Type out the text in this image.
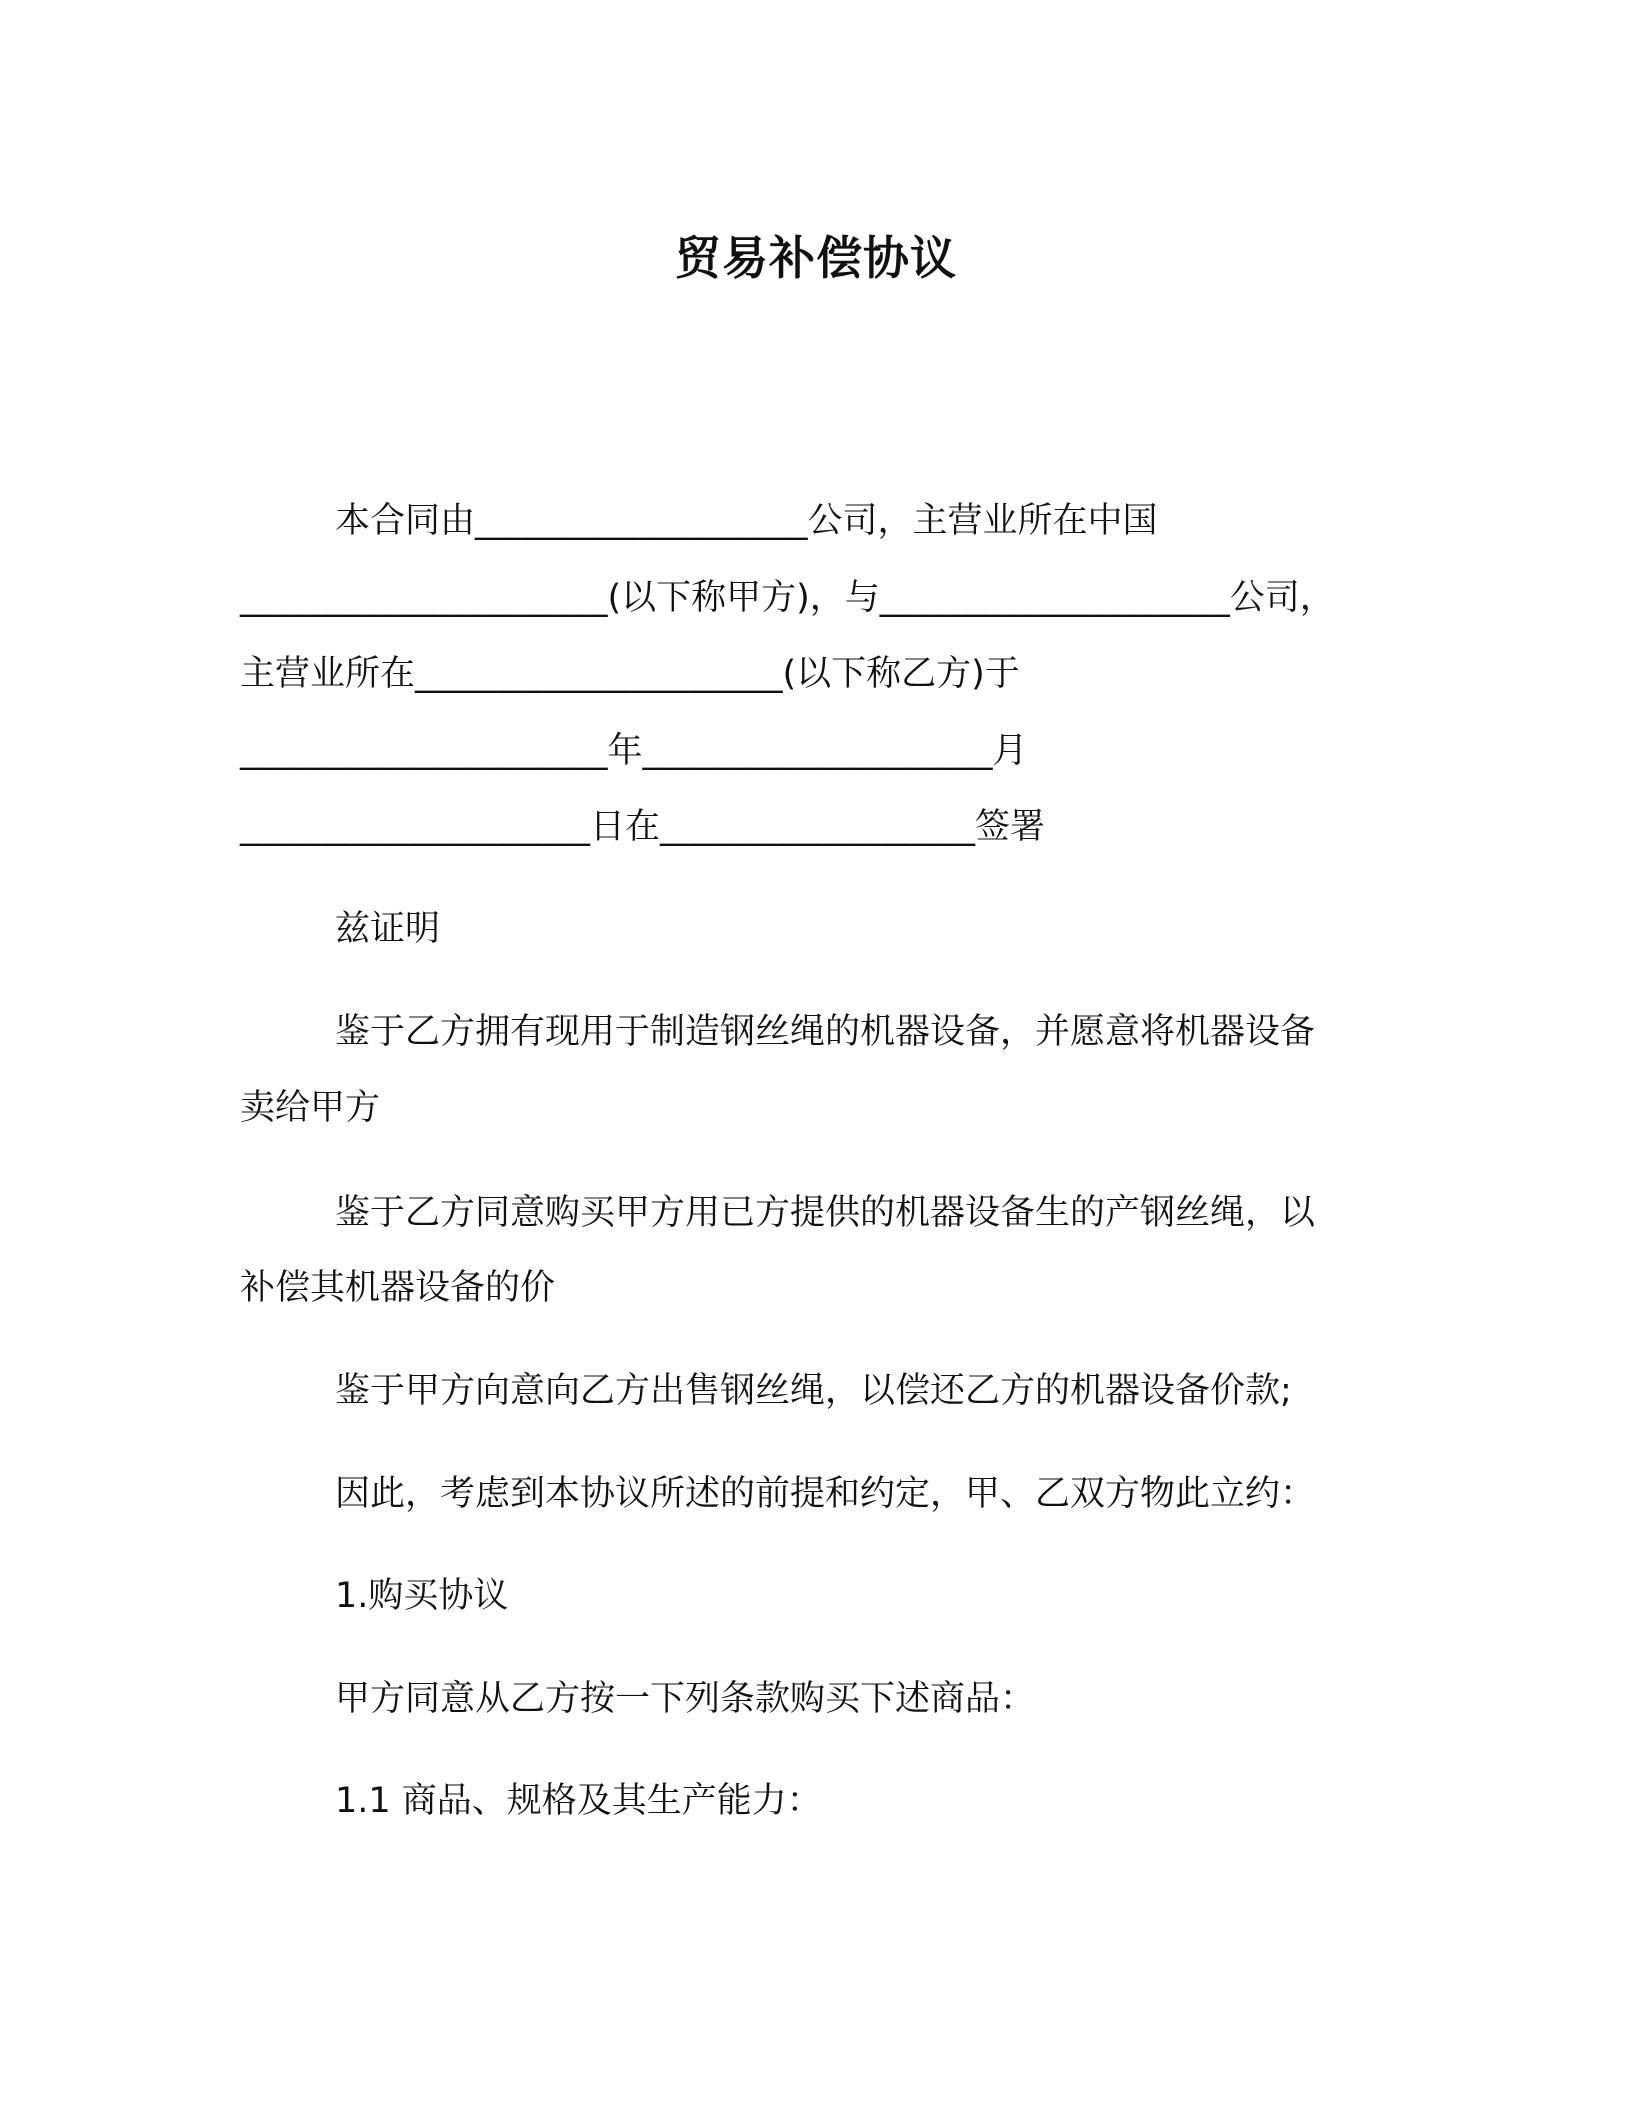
贸易补偿协议
本合同由___________________公司，主营业所在中国
_____________________(以下称甲方)，与____________________公司，
主营业所在_____________________(以下称乙方)于
_____________________年____________________月
____________________日在__________________签署
兹证明
鉴于乙方拥有现用于制造钢丝绳的机器设备，并愿意将机器设备
卖给甲方
鉴于乙方同意购买甲方用已方提供的机器设备生的产钢丝绳，以
补偿其机器设备的价
鉴于甲方向意向乙方出售钢丝绳，以偿还乙方的机器设备价款;
因此，考虑到本协议所述的前提和约定，甲、乙双方物此立约：
1.购买协议
甲方同意从乙方按一下列条款购买下述商品：
1.1 商品、规格及其生产能力：
